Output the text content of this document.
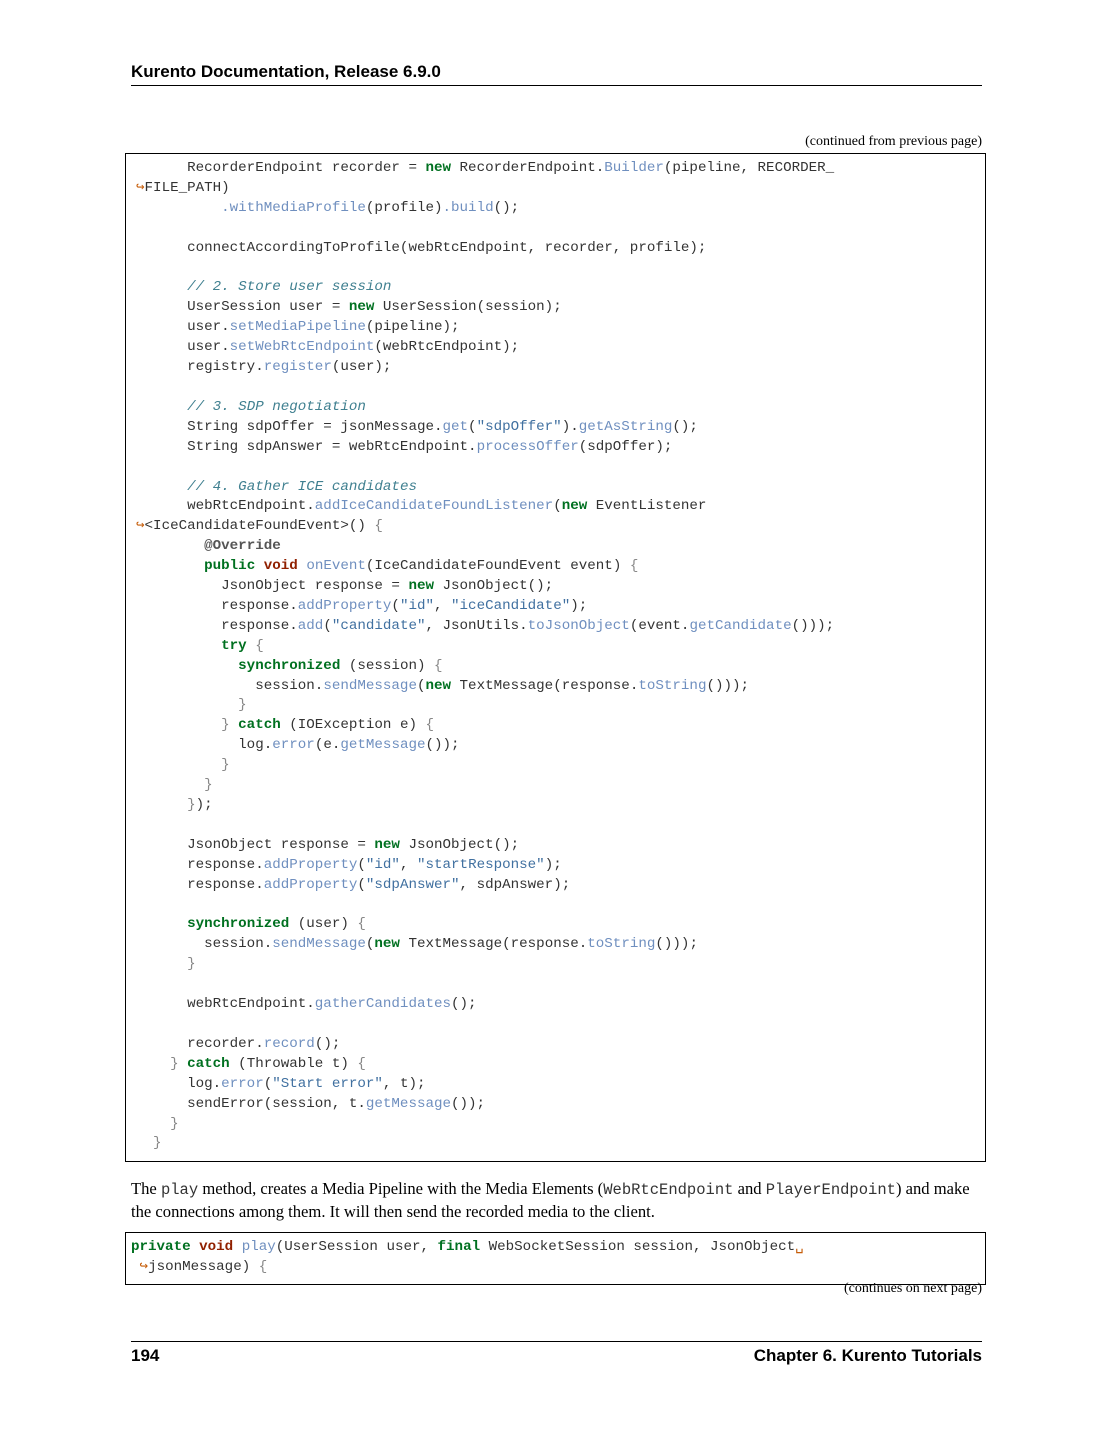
Kurento Documentation, Release 6.9.0
(continued from previous page)
RecorderEndpoint recorder = new RecorderEndpoint.Builder(pipeline, RECORDER_
↪FILE_PATH)
.withMediaProfile(profile).build();

connectAccordingToProfile(webRtcEndpoint, recorder, profile);

// 2. Store user session
UserSession user = new UserSession(session);
user.setMediaPipeline(pipeline);
user.setWebRtcEndpoint(webRtcEndpoint);
registry.register(user);

// 3. SDP negotiation
String sdpOffer = jsonMessage.get("sdpOffer").getAsString();
String sdpAnswer = webRtcEndpoint.processOffer(sdpOffer);

// 4. Gather ICE candidates
webRtcEndpoint.addIceCandidateFoundListener(new EventListener
↪<IceCandidateFoundEvent>() {
@Override
public void onEvent(IceCandidateFoundEvent event) {
JsonObject response = new JsonObject();
response.addProperty("id", "iceCandidate");
response.add("candidate", JsonUtils.toJsonObject(event.getCandidate()));
try {
synchronized (session) {
session.sendMessage(new TextMessage(response.toString()));
}
} catch (IOException e) {
log.error(e.getMessage());
}
}
});

JsonObject response = new JsonObject();
response.addProperty("id", "startResponse");
response.addProperty("sdpAnswer", sdpAnswer);

synchronized (user) {
session.sendMessage(new TextMessage(response.toString()));
}

webRtcEndpoint.gatherCandidates();

recorder.record();
} catch (Throwable t) {
log.error("Start error", t);
sendError(session, t.getMessage());
}
}
The play method, creates a Media Pipeline with the Media Elements (WebRtcEndpoint and PlayerEndpoint) and make the connections among them. It will then send the recorded media to the client.
private void play(UserSession user, final WebSocketSession session, JsonObject␣
↪jsonMessage) {
(continues on next page)
194	Chapter 6. Kurento Tutorials
